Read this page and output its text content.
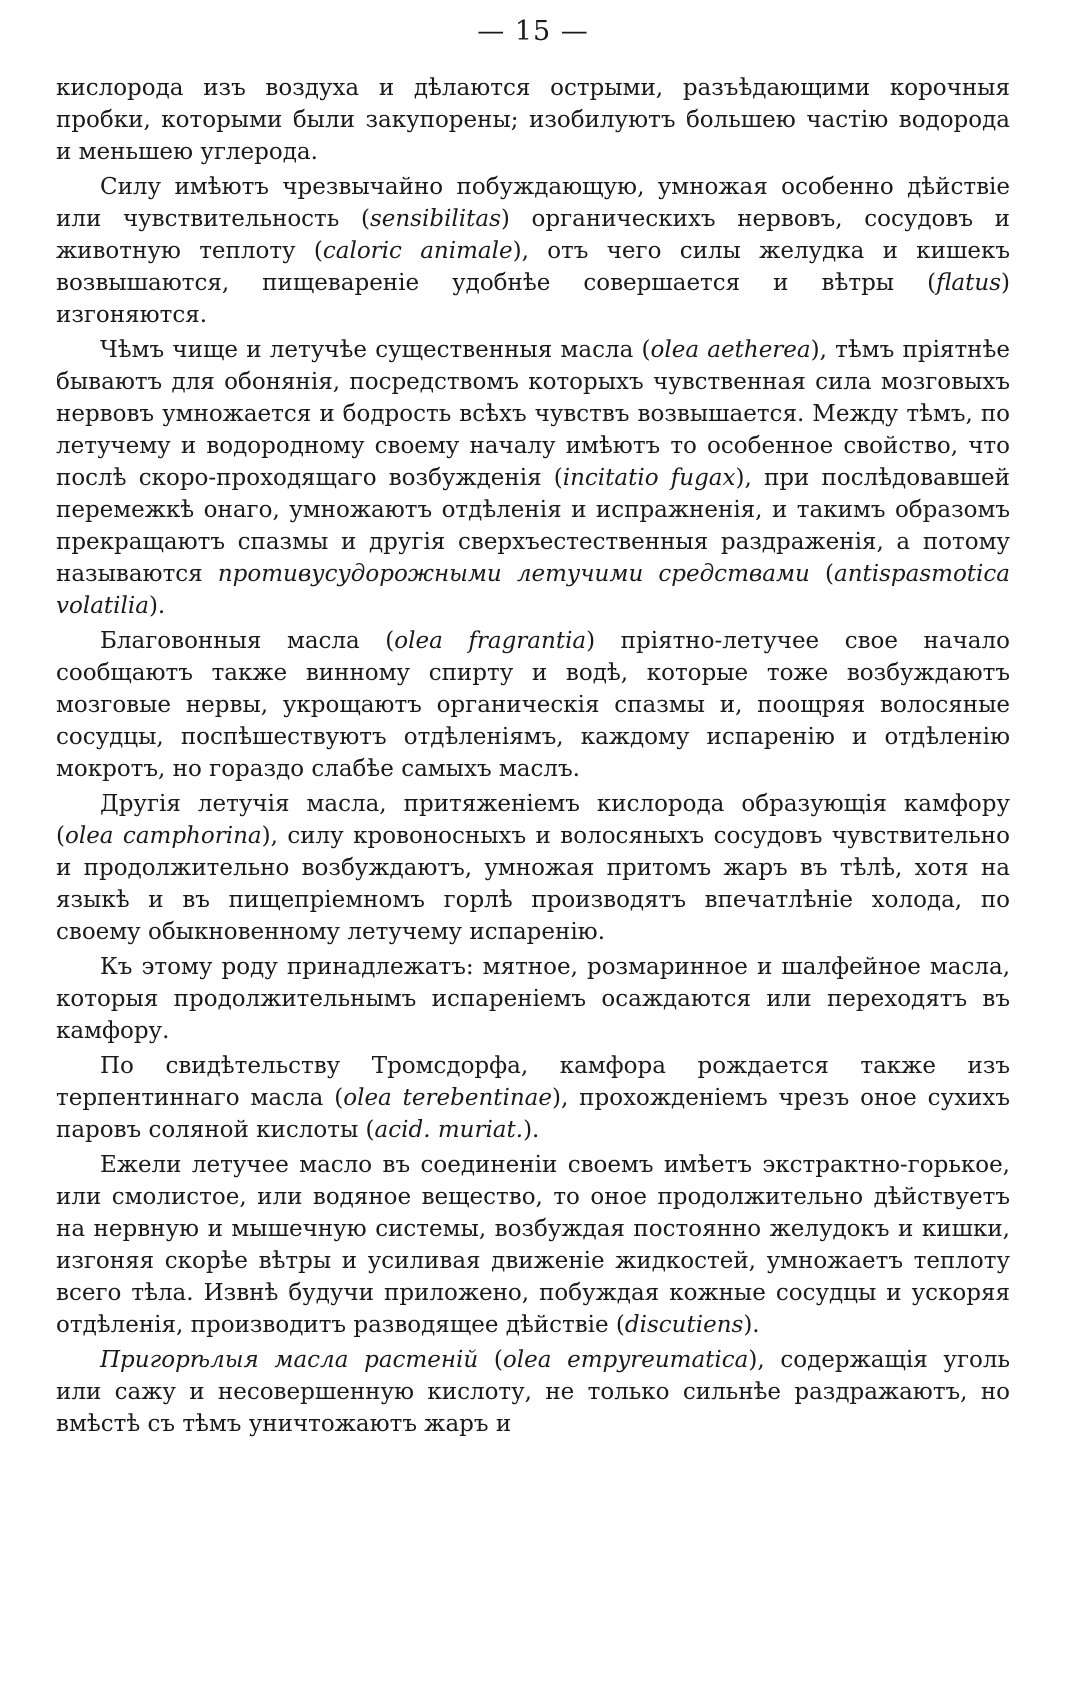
— 15 —

кислорода изъ воздуха и дѣлаются острыми, разъѣдающими корочныя пробки, которыми были закупорены; изобилуютъ большею частію водорода и меньшею углерода.

Силу имѣютъ чрезвычайно побуждающую, умножая особенно дѣйствіе или чувствительность (sensibilitas) органическихъ нервовъ, сосудовъ и животную теплоту (caloric animale), отъ чего силы желудка и кишекъ возвышаются, пищевареніе удобнѣе совершается и вѣтры (flatus) изгоняются.

Чѣмъ чище и летучѣе существенныя масла (olea aetherea), тѣмъ пріятнѣе бываютъ для обонянія, посредствомъ которыхъ чувственная сила мозговыхъ нервовъ умножается и бодрость всѣхъ чувствъ возвышается. Между тѣмъ, по летучему и водородному своему началу имѣютъ то особенное свойство, что послѣ скоро-проходящаго возбужденія (incitatio fugax), при послѣдовавшей перемежкѣ онаго, умножаютъ отдѣленія и испражненія, и такимъ образомъ прекращаютъ спазмы и другія сверхъестественныя раздраженія, а потому называются противусудорожными летучими средствами (antispasmotica volatilia).

Благовонныя масла (olea fragrantia) пріятно-летучее свое начало сообщаютъ также винному спирту и водѣ, которые тоже возбуждаютъ мозговые нервы, укрощаютъ органическія спазмы и, поощряя волосяные сосудцы, поспѣшествуютъ отдѣленіямъ, каждому испаренію и отдѣленію мокротъ, но гораздо слабѣе самыхъ маслъ.

Другія летучія масла, притяженіемъ кислорода образующія камфору (olea camphorina), силу кровоносныхъ и волосяныхъ сосудовъ чувствительно и продолжительно возбуждаютъ, умножая притомъ жаръ въ тѣлѣ, хотя на языкѣ и въ пищепріемномъ горлѣ производятъ впечатлѣніе холода, по своему обыкновенному летучему испаренію.

Къ этому роду принадлежатъ: мятное, розмаринное и шалфейное масла, которыя продолжительнымъ испареніемъ осаждаются или переходятъ въ камфору.

По свидѣтельству Тромсдорфа, камфора рождается также изъ терпентиннаго масла (olea terebentinae), прохожденіемъ чрезъ оное сухихъ паровъ соляной кислоты (acid. muriat.).

Ежели летучее масло въ соединеніи своемъ имѣетъ экстрактно-горькое, или смолистое, или водяное вещество, то оное продолжительно дѣйствуетъ на нервную и мышечную системы, возбуждая постоянно желудокъ и кишки, изгоняя скорѣе вѣтры и усиливая движеніе жидкостей, умножаетъ теплоту всего тѣла. Извнѣ будучи приложено, побуждая кожные сосудцы и ускоряя отдѣленія, производитъ разводящее дѣйствіе (discutiens).

Пригорѣлыя масла растеній (olea empyreumatica), содержащія уголь или сажу и несовершенную кислоту, не только сильнѣе раздражаютъ, но вмѣстѣ съ тѣмъ уничтожаютъ жаръ и
